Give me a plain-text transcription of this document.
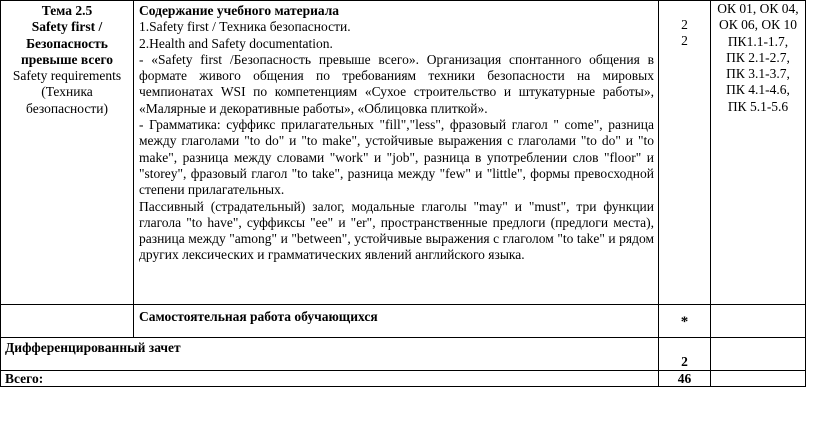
Тема 2.5
Safety first /
Безопасность
превыше всего
Safety requirements
(Техника
безопасности)

Содержание учебного материала

1.Safety first / Техника безопасности.

2.Health and Safety documentation.

- «Safety first /Безопасность превыше всего». Организация спонтанного общения в формате живого общения по требованиям техники безопасности на мировых чемпионатах WSI по компетенциям «Сухое строительство и штукатурные работы», «Малярные и декоративные работы», «Облицовка плиткой».

- Грамматика: суффикс прилагательных "fill","less", фразовый глагол " come", разница между глаголами "to do" и "to make", устойчивые выражения с глаголами "to do" и "to make", разница между словами "work" и "job", разница в употреблении слов "floor" и "storey", фразовый глагол "to take", разница между "few" и "little", формы превосходной степени прилагательных.

Пассивный (страдательный) залог, модальные глаголы "may" и "must", три функции глагола "to have", суффиксы "ee" и "er", пространственные предлоги (предлоги места), разница между "among" и "between", устойчивые выражения с глаголом "to take" и рядом других лексических и грамматических явлений английского языка.

2
2
ОК 01, ОК 04,
ОК 06, ОК 10
ПК1.1-1.7,
ПК 2.1-2.7,
ПК 3.1-3.7,
ПК 4.1-4.6,
ПК 5.1-5.6
Самостоятельная работа обучающихся	*
Дифференцированный зачет
2
Всего:	46
